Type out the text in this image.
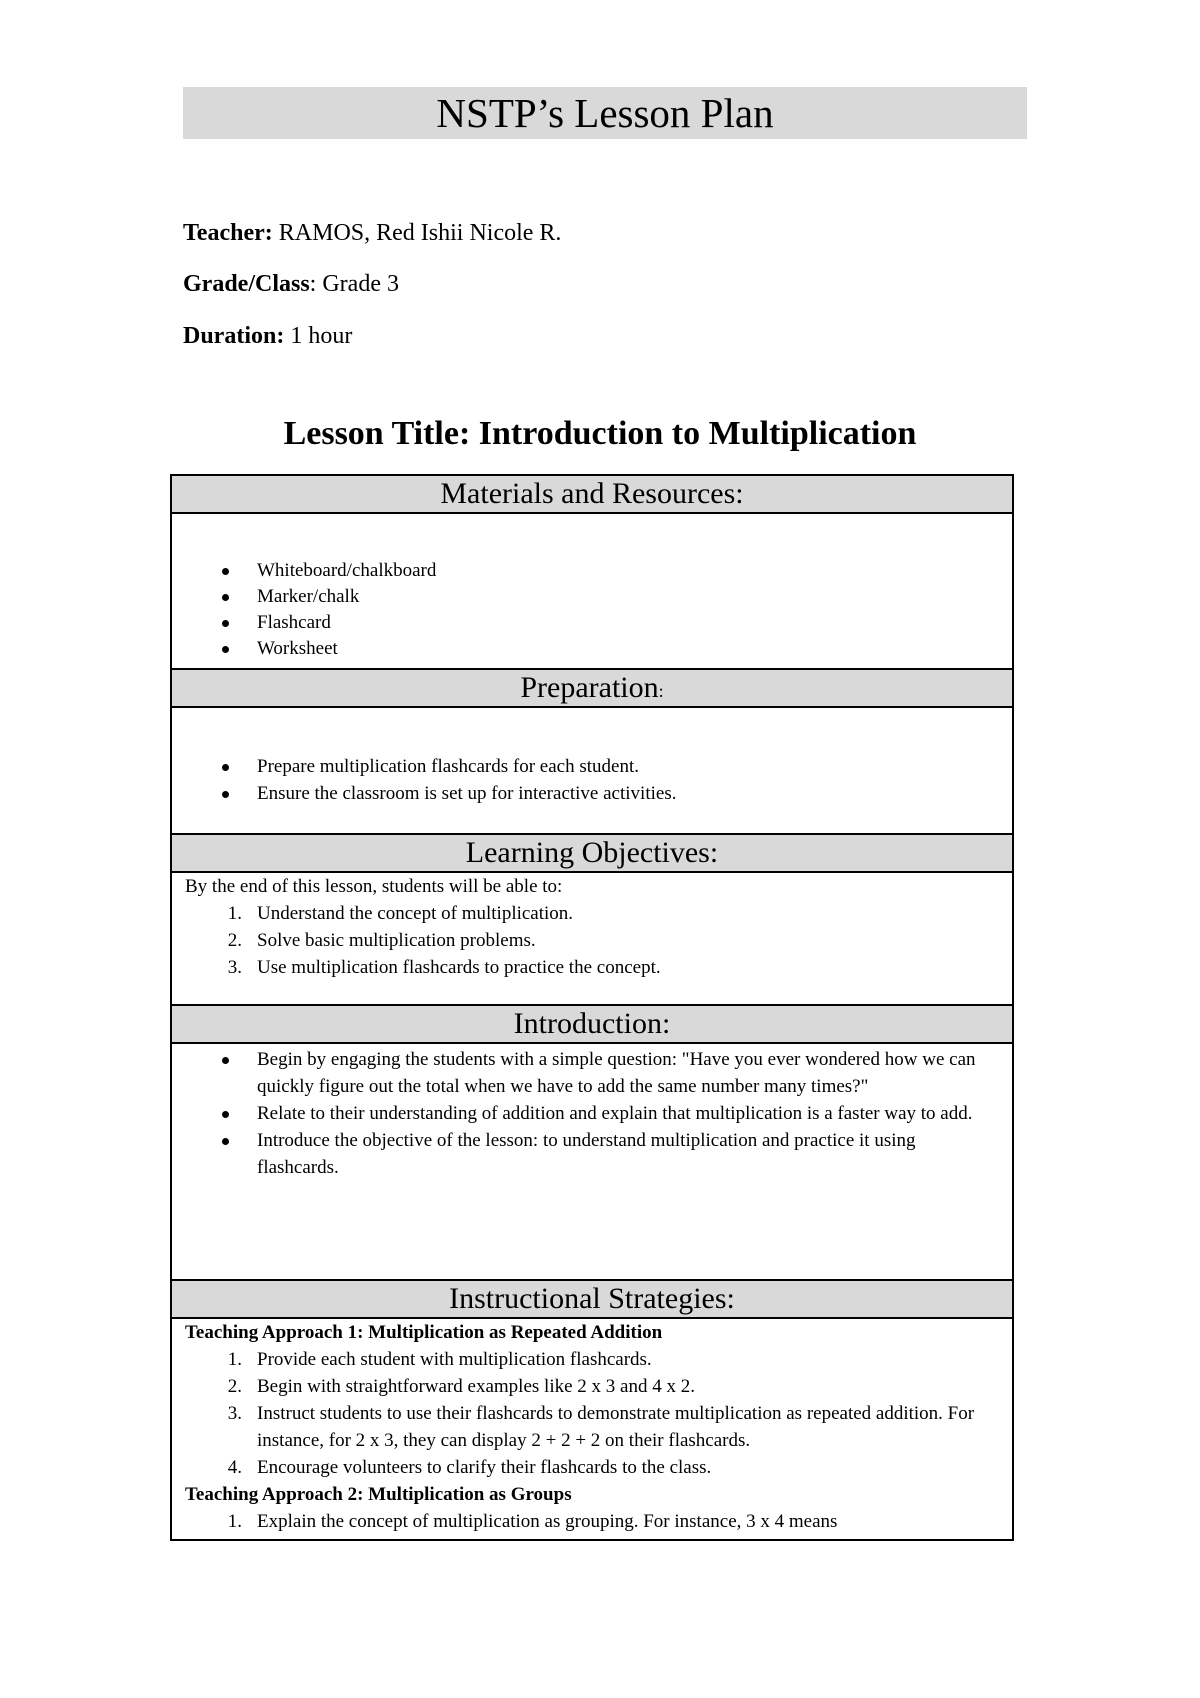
NSTP’s Lesson Plan
Teacher: RAMOS, Red Ishii Nicole R.
Grade/Class: Grade 3
Duration: 1 hour
Lesson Title: Introduction to Multiplication
Materials and Resources:
Whiteboard/chalkboard
Marker/chalk
Flashcard
Worksheet
Preparation:
Prepare multiplication flashcards for each student.
Ensure the classroom is set up for interactive activities.
Learning Objectives:
By the end of this lesson, students will be able to:
1. Understand the concept of multiplication.
2. Solve basic multiplication problems.
3. Use multiplication flashcards to practice the concept.
Introduction:
Begin by engaging the students with a simple question: "Have you ever wondered how we can quickly figure out the total when we have to add the same number many times?"
Relate to their understanding of addition and explain that multiplication is a faster way to add.
Introduce the objective of the lesson: to understand multiplication and practice it using flashcards.
Instructional Strategies:
Teaching Approach 1: Multiplication as Repeated Addition
1. Provide each student with multiplication flashcards.
2. Begin with straightforward examples like 2 x 3 and 4 x 2.
3. Instruct students to use their flashcards to demonstrate multiplication as repeated addition. For instance, for 2 x 3, they can display 2 + 2 + 2 on their flashcards.
4. Encourage volunteers to clarify their flashcards to the class.
Teaching Approach 2: Multiplication as Groups
1. Explain the concept of multiplication as grouping. For instance, 3 x 4 means
